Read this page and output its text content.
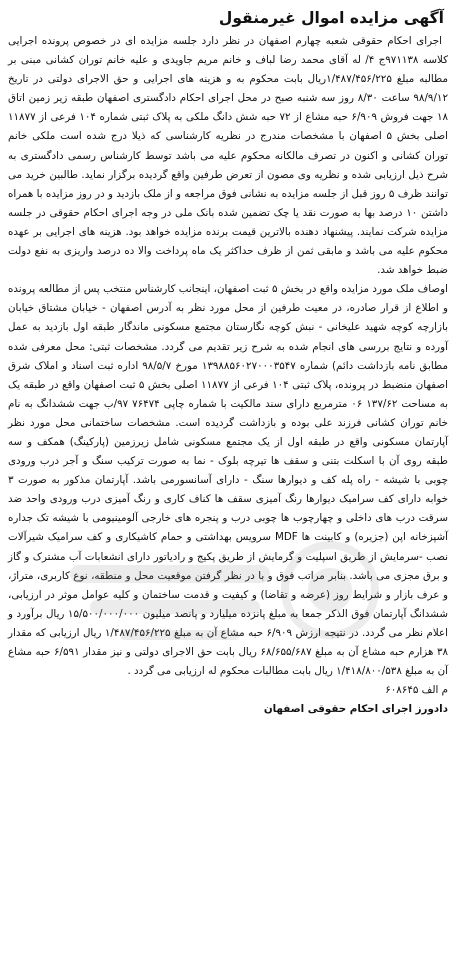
آگهی مزایده اموال غیرمنقول

اجرای احکام حقوقی شعبه چهارم اصفهان در نظر دارد جلسه مزایده ای در خصوص پرونده اجرایی کلاسه ۹۷۱۱۳۸ج ۴/ له آقای محمد رضا لباف و خانم مریم جاویدی و علیه خانم توران کشانی مبنی بر مطالبه مبلغ ۱/۴۸۷/۴۵۶/۲۲۵ریال بابت محکوم به و هزینه های اجرایی و حق الاجرای دولتی در تاریخ ۹۸/۹/۱۲ ساعت ۸/۳۰ روز سه شنبه صبح در محل اجرای احکام دادگستری اصفهان طبقه زیر زمین اتاق ۱۸ جهت فروش ۶/۹۰۹ حبه مشاع از ۷۲ حبه شش دانگ ملکی به پلاک ثبتی شماره ۱۰۴ فرعی از ۱۱۸۷۷ اصلی بخش ۵ اصفهان با مشخصات مندرج در نظریه کارشناسی که ذیلا درج شده است ملکی خانم توران کشانی و اکنون در تصرف مالکانه محکوم علیه می باشد توسط کارشناس رسمی دادگستری به شرح ذیل ارزیابی شده و نظریه وی مصون از تعرض طرفین واقع گردیده برگزار نماید. طالبین خرید می توانند ظرف ۵ روز قبل از جلسه مزایده به نشانی فوق مراجعه و از ملک بازدید و در روز مزایده با همراه داشتن ۱۰ درصد بها به صورت نقد یا چک تضمین شده بانک ملی در وجه اجرای احکام حقوقی در جلسه مزایده شرکت نمایند. پیشنهاد دهنده بالاترین قیمت برنده مزایده خواهد بود. هزینه های اجرایی بر عهده محکوم علیه می باشد و مابقی ثمن از ظرف حداکثر یک ماه پرداخت والا ده درصد واریزی به نفع دولت ضبط خواهد شد.

اوصاف ملک مورد مزایده واقع در بخش ۵ ثبت اصفهان، اینجانب کارشناس منتخب پس از مطالعه پرونده و اطلاع از قرار صادره، در معیت طرفین از محل مورد نظر به آدرس اصفهان - خیابان مشتاق خیابان بازارچه کوچه شهید علیخانی - نبش کوچه نگارستان مجتمع مسکونی ماندگار طبقه اول بازدید به عمل آورده و نتایج بررسی های انجام شده به شرح زیر تقدیم می گردد. مشخصات ثبتی: محل معرفی شده مطابق نامه بازداشت دائم) شماره ۱۳۹۸۸۵۶۰۲۷۰۰۰۳۵۴۷ مورخ ۹۸/۵/۷ اداره ثبت اسناد و املاک شرق اصفهان منضبط در پرونده، پلاک ثبتی ۱۰۴ فرعی از ۱۱۸۷۷ اصلی بخش ۵ ثبت اصفهان واقع در طبقه یک به مساحت ۱۳۷/۶۲ ۰۶ مترمربع دارای سند مالکیت با شماره چاپی ۷۶۴۷۴ ۹۷/ب جهت ششدانگ به نام خانم توران کشانی فرزند علی بوده و بازداشت گردیده است. مشخصات ساختمانی محل مورد نظر آپارتمان مسکونی واقع در طبقه اول از یک مجتمع مسکونی شامل زیرزمین (پارکینگ) همکف و سه طبقه روی آن با اسکلت بتنی و سقف ها تیرچه بلوک - نما به صورت ترکیب سنگ و آجر درب ورودی چوبی با شیشه - راه پله کف و دیوارها سنگ - دارای آسانسورمی باشد. آپارتمان مذکور به صورت ۳ خوابه دارای کف سرامیک دیوارها رنگ آمیزی سقف ها کناف کاری و رنگ آمیزی درب ورودی واحد ضد سرقت درب های داخلی و چهارچوب ها چوبی درب و پنجره های خارجی آلومینیومی با شیشه تک جداره آشپزخانه اپن (جزیره) و کابینت ها MDF سرویس بهداشتی و حمام کاشیکاری و کف سرامیک شیرآلات نصب -سرمایش از طریق اسپلیت و گرمایش از طریق پکیج و رادیاتور دارای انشعابات آب مشترک و گاز و برق مجزی می باشد. بنابر مراتب فوق و با در نظر گرفتن موقعیت محل و منطقه، نوع کاربری، متراژ، و عرف بازار و شرایط روز (عرضه و تقاضا) و کیفیت و قدمت ساختمان و کلیه عوامل موثر در ارزیابی، ششدانگ آپارتمان فوق الذکر جمعا به مبلغ پانزده میلیارد و پانصد میلیون ۱۵/۵۰۰/۰۰۰/۰۰۰ ریال برآورد و اعلام نظر می گردد. در نتیجه ارزش ۶/۹۰۹ حبه مشاع آن به مبلغ ۱/۴۸۷/۴۵۶/۲۲۵ ریال ارزیابی که مقدار ۳۸ هزارم حبه مشاع آن به مبلغ ۶۸/۶۵۵/۶۸۷ ریال بابت حق الاجرای دولتی و نیز مقدار ۶/۵۹۱ حبه مشاع آن به مبلغ ۱/۴۱۸/۸۰۰/۵۳۸ ریال بابت مطالبات محکوم له ارزیابی می گردد .

م الف ۶۰۸۶۴۵

دادورز اجرای احکام حقوقی اصفهان
